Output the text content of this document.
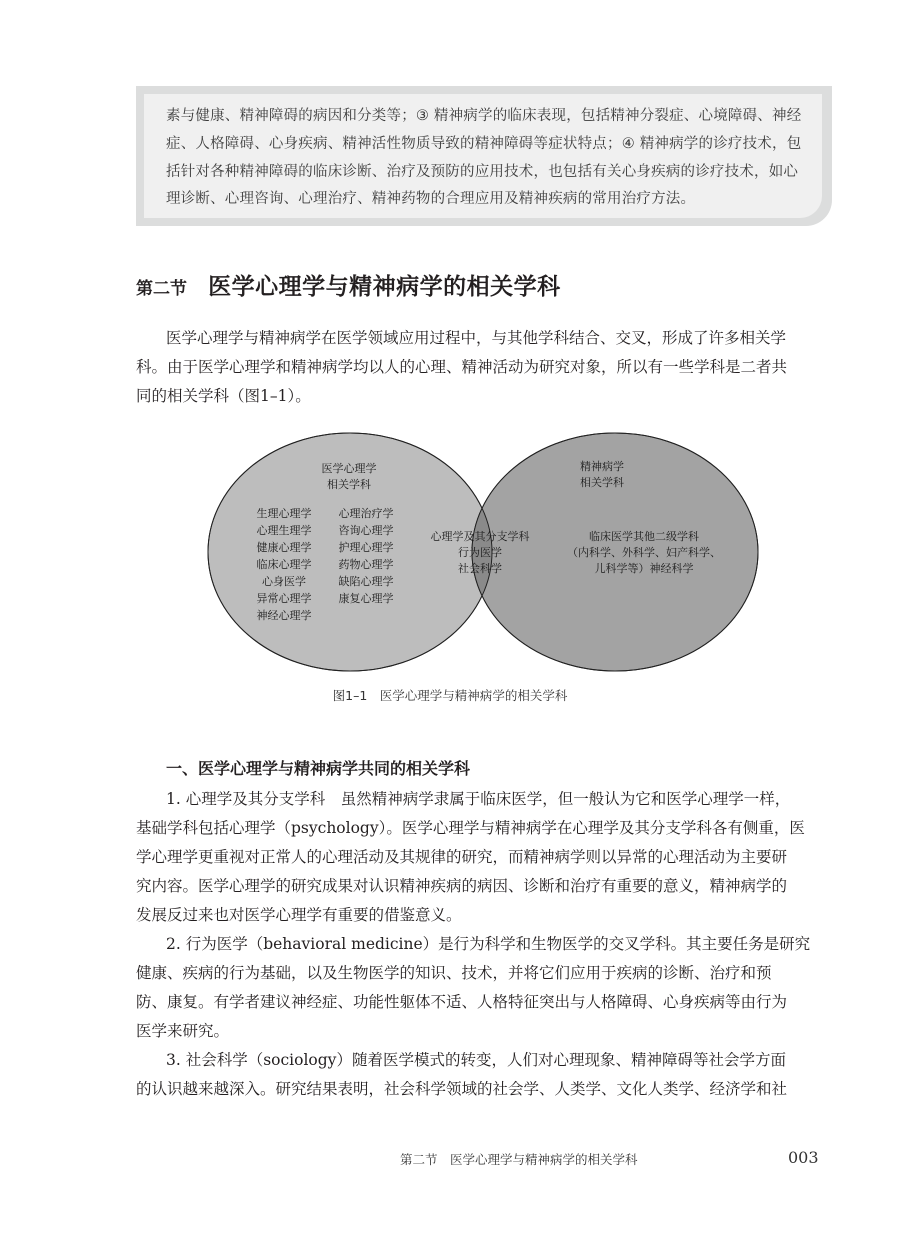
素与健康、精神障碍的病因和分类等；③ 精神病学的临床表现，包括精神分裂症、心境障碍、神经
症、人格障碍、心身疾病、精神活性物质导致的精神障碍等症状特点；④ 精神病学的诊疗技术，包
括针对各种精神障碍的临床诊断、治疗及预防的应用技术，也包括有关心身疾病的诊疗技术，如心
理诊断、心理咨询、心理治疗、精神药物的合理应用及精神疾病的常用治疗方法。
第二节 医学心理学与精神病学的相关学科
医学心理学与精神病学在医学领域应用过程中，与其他学科结合、交叉，形成了许多相关学
科。由于医学心理学和精神病学均以人的心理、精神活动为研究对象，所以有一些学科是二者共
同的相关学科（图1–1）。
医学心理学
相关学科
生理心理学
心理生理学
健康心理学
临床心理学
心身医学
异常心理学
神经心理学
心理治疗学
咨询心理学
护理心理学
药物心理学
缺陷心理学
康复心理学
心理学及其分支学科
行为医学
社会科学
精神病学
相关学科
临床医学其他二级学科
（内科学、外科学、妇产科学、
儿科学等）神经科学
图1–1　医学心理学与精神病学的相关学科
一、医学心理学与精神病学共同的相关学科
1. 心理学及其分支学科　虽然精神病学隶属于临床医学，但一般认为它和医学心理学一样，
基础学科包括心理学（psychology）。医学心理学与精神病学在心理学及其分支学科各有侧重，医
学心理学更重视对正常人的心理活动及其规律的研究，而精神病学则以异常的心理活动为主要研
究内容。医学心理学的研究成果对认识精神疾病的病因、诊断和治疗有重要的意义，精神病学的
发展反过来也对医学心理学有重要的借鉴意义。
2. 行为医学（behavioral medicine）是行为科学和生物医学的交叉学科。其主要任务是研究
健康、疾病的行为基础，以及生物医学的知识、技术，并将它们应用于疾病的诊断、治疗和预
防、康复。有学者建议神经症、功能性躯体不适、人格特征突出与人格障碍、心身疾病等由行为
医学来研究。
3. 社会科学（sociology）随着医学模式的转变，人们对心理现象、精神障碍等社会学方面
的认识越来越深入。研究结果表明，社会科学领域的社会学、人类学、文化人类学、经济学和社
第二节　医学心理学与精神病学的相关学科	003
